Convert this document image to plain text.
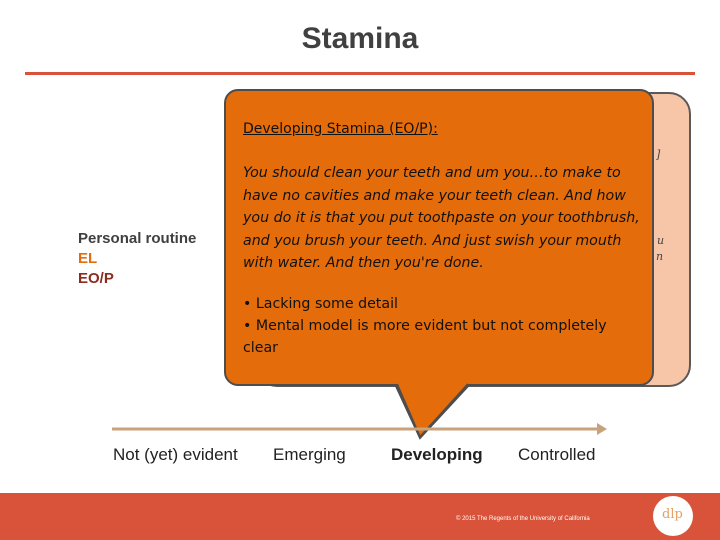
Stamina
Personal routine
EL
EO/P
]
u
n
Developing Stamina (EO/P):
You should clean your teeth and um you…to make to have no cavities and make your teeth clean. And how you do it is that you put toothpaste on your toothbrush, and you brush your teeth. And just swish your mouth with water. And then you're done.
• Lacking some detail
• Mental model is more evident but not completely clear
Not (yet) evident Emerging	Developing Controlled
© 2015 The Regents of the University of California	dlp
